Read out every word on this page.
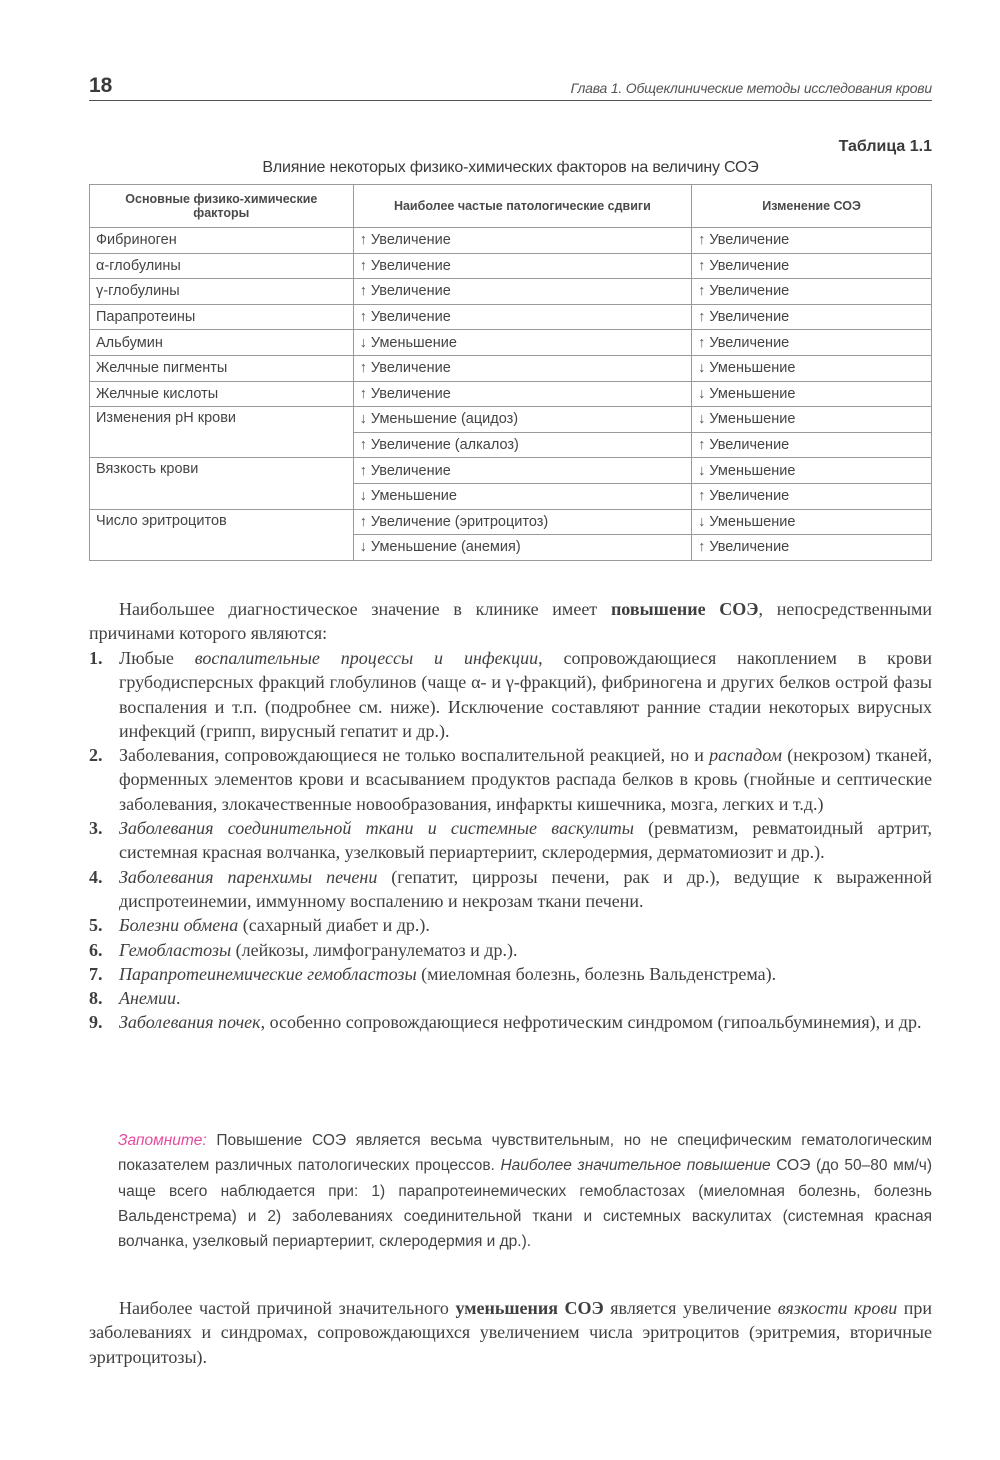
18	Глава 1. Общеклинические методы исследования крови
Таблица 1.1
Влияние некоторых физико-химических факторов на величину СОЭ
Основные физико-химические факторы	Наиболее частые патологические сдвиги	Изменение СОЭ
Фибриноген	↑ Увеличение	↑ Увеличение
α-глобулины	↑ Увеличение	↑ Увеличение
γ-глобулины	↑ Увеличение	↑ Увеличение
Парапротеины	↑ Увеличение	↑ Увеличение
Альбумин	↓ Уменьшение	↑ Увеличение
Желчные пигменты	↑ Увеличение	↓ Уменьшение
Желчные кислоты	↑ Увеличение	↓ Уменьшение
Изменения pH крови	↓ Уменьшение (ацидоз)	↓ Уменьшение
	↑ Увеличение (алкалоз)	↑ Увеличение
Вязкость крови	↑ Увеличение	↓ Уменьшение
	↓ Уменьшение	↑ Увеличение
Число эритроцитов	↑ Увеличение (эритроцитоз)	↓ Уменьшение
	↓ Уменьшение (анемия)	↑ Увеличение

Наибольшее диагностическое значение в клинике имеет повышение СОЭ, непосредственными причинами которого являются:

1. Любые воспалительные процессы и инфекции, сопровождающиеся накоплением в крови грубодисперсных фракций глобулинов (чаще α- и γ-фракций), фибриногена и других белков острой фазы воспаления и т.п. (подробнее см. ниже). Исключение составляют ранние стадии некоторых вирусных инфекций (грипп, вирусный гепатит и др.).
2. Заболевания, сопровождающиеся не только воспалительной реакцией, но и распадом (некрозом) тканей, форменных элементов крови и всасыванием продуктов распада белков в кровь (гнойные и септические заболевания, злокачественные новообразования, инфаркты кишечника, мозга, легких и т.д.)
3. Заболевания соединительной ткани и системные васкулиты (ревматизм, ревматоидный артрит, системная красная волчанка, узелковый периартериит, склеродермия, дерматомиозит и др.).
4. Заболевания паренхимы печени (гепатит, циррозы печени, рак и др.), ведущие к выраженной диспротеинемии, иммунному воспалению и некрозам ткани печени.
5. Болезни обмена (сахарный диабет и др.).
6. Гемобластозы (лейкозы, лимфогранулематоз и др.).
7. Парапротеинемические гемобластозы (миеломная болезнь, болезнь Вальденстрема).
8. Анемии.
9. Заболевания почек, особенно сопровождающиеся нефротическим синдромом (гипоальбуминемия), и др.
Запомните: Повышение СОЭ является весьма чувствительным, но не специфическим гематологическим показателем различных патологических процессов. Наиболее значительное повышение СОЭ (до 50–80 мм/ч) чаще всего наблюдается при: 1) парапротеинемических гемобластозах (миеломная болезнь, болезнь Вальденстрема) и 2) заболеваниях соединительной ткани и системных васкулитах (системная красная волчанка, узелковый периартериит, склеродермия и др.).

Наиболее частой причиной значительного уменьшения СОЭ является увеличение вязкости крови при заболеваниях и синдромах, сопровождающихся увеличением числа эритроцитов (эритремия, вторичные эритроцитозы).
